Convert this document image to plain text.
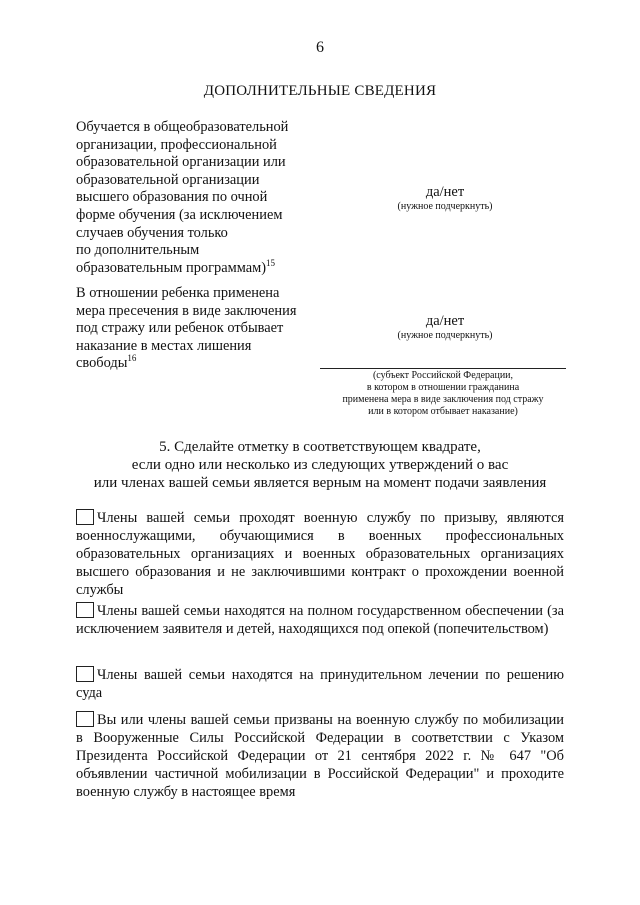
6
ДОПОЛНИТЕЛЬНЫЕ СВЕДЕНИЯ
Обучается в общеобразовательной
организации, профессиональной
образовательной организации или
образовательной организации
высшего образования по очной
форме обучения (за исключением
случаев обучения только
по дополнительным
образовательным программам)$^{15}$
да/нет
(нужное подчеркнуть)
В отношении ребенка применена
мера пресечения в виде заключения
под стражу или ребенок отбывает
наказание в местах лишения
свободы$^{16}$
да/нет
(нужное подчеркнуть)
(субъект Российской Федерации,
в котором в отношении гражданина
применена мера в виде заключения под стражу
или в котором отбывает наказание)
5. Сделайте отметку в соответствующем квадрате,
если одно или несколько из следующих утверждений о вас
или членах вашей семьи является верным на момент подачи заявления
Члены вашей семьи проходят военную службу по призыву, являются военнослужащими, обучающимися в военных профессиональных образовательных организациях и военных образовательных организациях высшего образования и не заключившими контракт о прохождении военной службы
Члены вашей семьи находятся на полном государственном обеспечении (за исключением заявителя и детей, находящихся под опекой (попечительством)
Члены вашей семьи находятся на принудительном лечении по решению суда
Вы или члены вашей семьи призваны на военную службу по мобилизации в Вооруженные Силы Российской Федерации в соответствии с Указом Президента Российской Федерации от 21 сентября 2022 г. № 647 "Об объявлении частичной мобилизации в Российской Федерации" и проходите военную службу в настоящее время
